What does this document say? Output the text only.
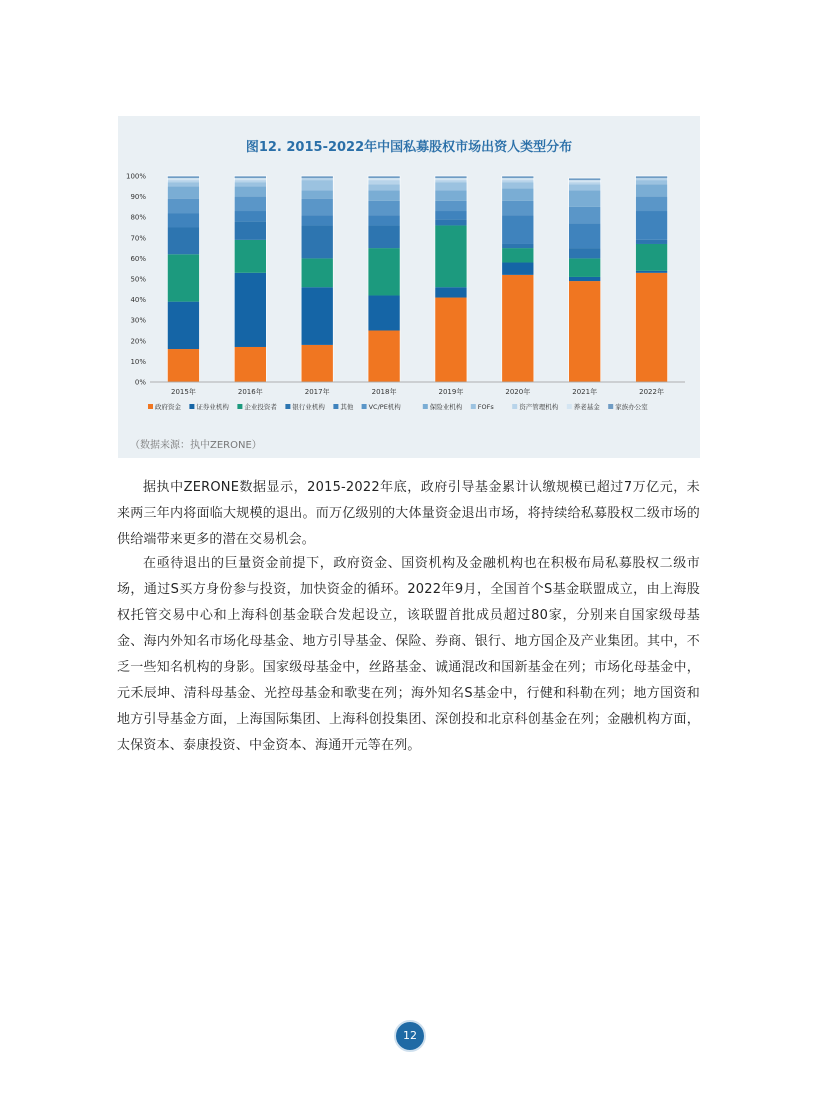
0%
10%
20%
30%
40%
50%
60%
70%
80%
90%
100%
2015年	2016年	2017年	2018年	2019年	2020年	2021年	2022年
政府资金 证券业机构 企业投资者 银行业机构 其他 VC/PE机构	保险业机构 FOFs	资产管理机构 养老基金 家族办公室
图12. 2015-2022年中国私募股权市场出资人类型分布
（数据来源：执中ZERONE）

据执中ZERONE数据显示，2015-2022年底，政府引导基金累计认缴规模已超过7万亿元，未来两三年内将面临大规模的退出。而万亿级别的大体量资金退出市场，将持续给私募股权二级市场的供给端带来更多的潜在交易机会。

在亟待退出的巨量资金前提下，政府资金、国资机构及金融机构也在积极布局私募股权二级市场，通过S买方身份参与投资，加快资金的循环。2022年9月，全国首个S基金联盟成立，由上海股权托管交易中心和上海科创基金联合发起设立，该联盟首批成员超过80家，分别来自国家级母基金、海内外知名市场化母基金、地方引导基金、保险、券商、银行、地方国企及产业集团。其中，不乏一些知名机构的身影。国家级母基金中，丝路基金、诚通混改和国新基金在列；市场化母基金中，元禾辰坤、清科母基金、光控母基金和歌斐在列；海外知名S基金中，行健和科勒在列；地方国资和地方引导基金方面，上海国际集团、上海科创投集团、深创投和北京科创基金在列；金融机构方面，太保资本、泰康投资、中金资本、海通开元等在列。

12
